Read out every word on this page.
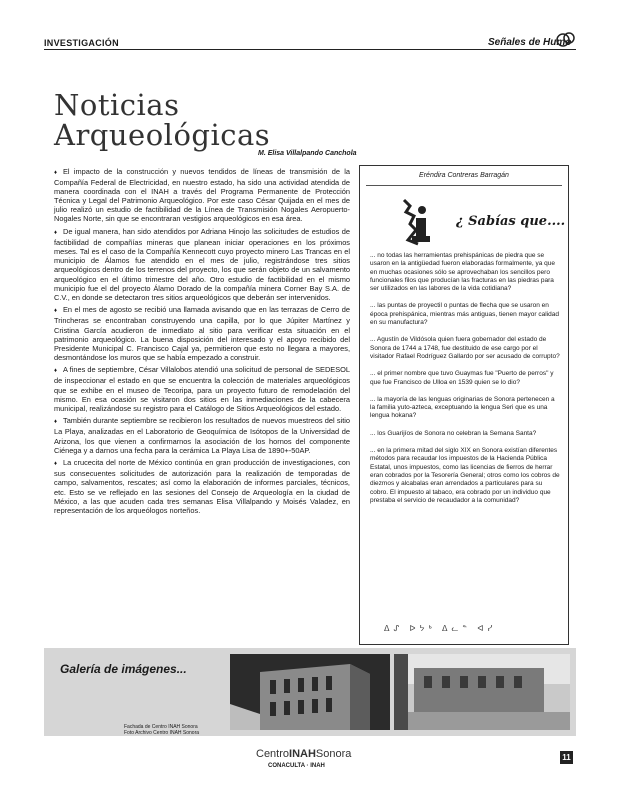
INVESTIGACIÓN	Señales de Humo
Noticias
Arqueológicas
M. Elisa Villalpando Canchola

♦ El impacto de la construcción y nuevos tendidos de líneas de transmisión de la Compañía Federal de Electricidad, en nuestro estado, ha sido una actividad atendida de manera coordinada con el INAH a través del Programa Permanente de Protección Técnica y Legal del Patrimonio Arqueológico. Por este caso César Quijada en el mes de julio realizó un estudio de factibilidad de la Línea de Transmisión Nogales Aeropuerto-Nogales Norte, sin que se encontraran vestigios arqueológicos en esa área.

♦ De igual manera, han sido atendidos por Adriana Hinojo las solicitudes de estudios de factibilidad de compañías mineras que planean iniciar operaciones en los próximos meses. Tal es el caso de la Compañía Kennecott cuyo proyecto minero Las Trancas en el municipio de Álamos fue atendido en el mes de julio, registrándose tres sitios arqueológicos dentro de los terrenos del proyecto, los que serán objeto de un salvamento arqueológico en el último trimestre del año. Otro estudio de factibilidad en el mismo municipio fue el del proyecto Álamo Dorado de la compañía minera Corner Bay S.A. de C.V., en donde se detectaron tres sitios arqueológicos que deberán ser intervenidos.

♦ En el mes de agosto se recibió una llamada avisando que en las terrazas de Cerro de Trincheras se encontraban construyendo una capilla, por lo que Júpiter Martínez y Cristina García acudieron de inmediato al sitio para verificar esta situación en el patrimonio arqueológico. La buena disposición del interesado y el apoyo recibido del Presidente Municipal C. Francisco Cajal ya, permitieron que esto no llegara a mayores, desmontándose los muros que se había empezado a construir.

♦ A fines de septiembre, César Villalobos atendió una solicitud de personal de SEDESOL de inspeccionar el estado en que se encuentra la colección de materiales arqueológicos que se exhibe en el museo de Tecoripa, para un proyecto futuro de remodelación del mismo. En esa ocasión se visitaron dos sitios en las inmediaciones de la cabecera municipal, realizándose su registro para el Catálogo de Sitios Arqueológicos del estado.

♦ También durante septiembre se recibieron los resultados de nuevos muestreos del sitio La Playa, analizadas en el Laboratorio de Geoquímica de Isótopos de la Universidad de Arizona, los que vienen a confirmarnos la asociación de los hornos del componente Ciénega y a darnos una fecha para la cerámica La Playa Lisa de 1890+-50AP.

♦ La crucecita del norte de México continúa en gran producción de investigaciones, con sus consecuentes solicitudes de autorización para la realización de temporadas de campo, salvamentos, rescates; así como la elaboración de informes parciales, técnicos, etc. Esto se ve reflejado en las sesiones del Consejo de Arqueología en la ciudad de México, a las que acuden cada tres semanas Elisa Villalpando y Moisés Valadez, en representación de los arqueólogos norteños.

Eréndira Contreras Barragán
¿ Sabías que....

... no todas las herramientas prehispánicas de piedra que se usaron en la antigüedad fueron elaboradas formalmente, ya que en muchas ocasiones sólo se aprovechaban los sencillos pero funcionales filos que producían las fracturas en las piedras para ser utilizados en las labores de la vida cotidiana?

... las puntas de proyectil o puntas de flecha que se usaron en época prehispánica, mientras más antiguas, tienen mayor calidad en su manufactura?

... Agustín de Vildósola quien fuera gobernador del estado de Sonora de 1744 a 1748, fue destituido de ese cargo por el visitador Rafael Rodríguez Gallardo por ser acusado de corrupto?

... el primer nombre que tuvo Guaymas fue "Puerto de perros" y que fue Francisco de Ulloa en 1539 quien se lo dio?

... la mayoría de las lenguas originarias de Sonora pertenecen a la familia yuto-azteca, exceptuando la lengua Seri que es una lengua hokana?

... los Guarijíos de Sonora no celebran la Semana Santa?

... en la primera mitad del siglo XIX en Sonora existían diferentes métodos para recaudar los impuestos de la Hacienda Pública Estatal, unos impuestos, como las licencias de fierros de herrar eran cobrados por la Tesorería General; otros como los cobros de diezmos y alcabalas eran arrendados a particulares para su cobro. El impuesto al tabaco, era cobrado por un individuo que prestaba el servicio de recaudador a la comunidad?

ᐃᔑ ᐅᔭᒃ ᐃᓚᓐ ᐊᓯ
Galería de imágenes...
Fachada de Centro INAH Sonora
Foto Archivo Centro INAH Sonora
CentroINAHSonora
CONACULTA · INAH
11
